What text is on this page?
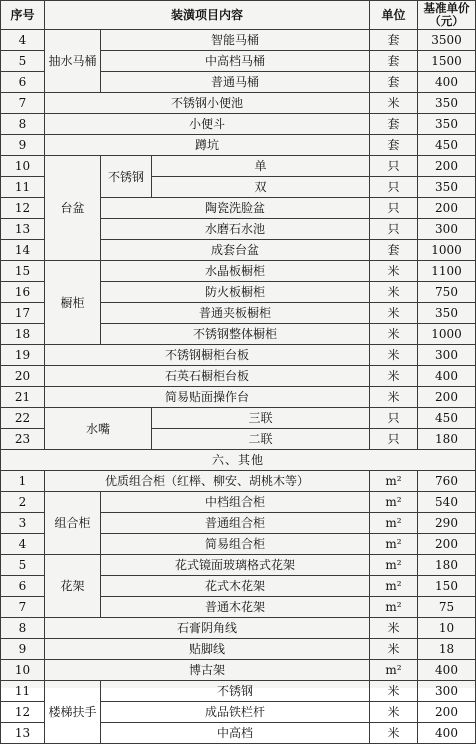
序号	装潢项目内容			单位	基准单价（元）
4	抽水马桶	智能马桶		套	3500
5		中高档马桶		套	1500
6		普通马桶		套	400
7	不锈钢小便池			米	350
8	小便斗			套	350
9	蹲坑			套	450
10	台盆	不锈钢	单	只	200
11			双	只	350
12		陶瓷洗脸盆		只	200
13		水磨石水池		只	300
14		成套台盆		套	1000
15	橱柜	水晶板橱柜		米	1100
16		防火板橱柜		米	750
17		普通夹板橱柜		米	350
18		不锈钢整体橱柜		米	1000
19	不锈钢橱柜台板			米	300
20	石英石橱柜台板			米	400
21	简易贴面操作台			米	200
22	水嘴		三联	只	450
23			二联	只	180
六、其他					
1	优质组合柜（红榉、柳安、胡桃木等）			m²	760
2	组合柜	中档组合柜		m²	540
3		普通组合柜		m²	290
4		简易组合柜		m²	200
5	花架	花式镜面玻璃格式花架		m²	180
6		花式木花架		m²	150
7		普通木花架		m²	75
8	石膏阴角线			米	10
9	贴脚线			米	18
10	博古架			m²	400
11	楼梯扶手	不锈钢		米	300
12		成品铁栏杆		米	200
13		中高档		米	400
